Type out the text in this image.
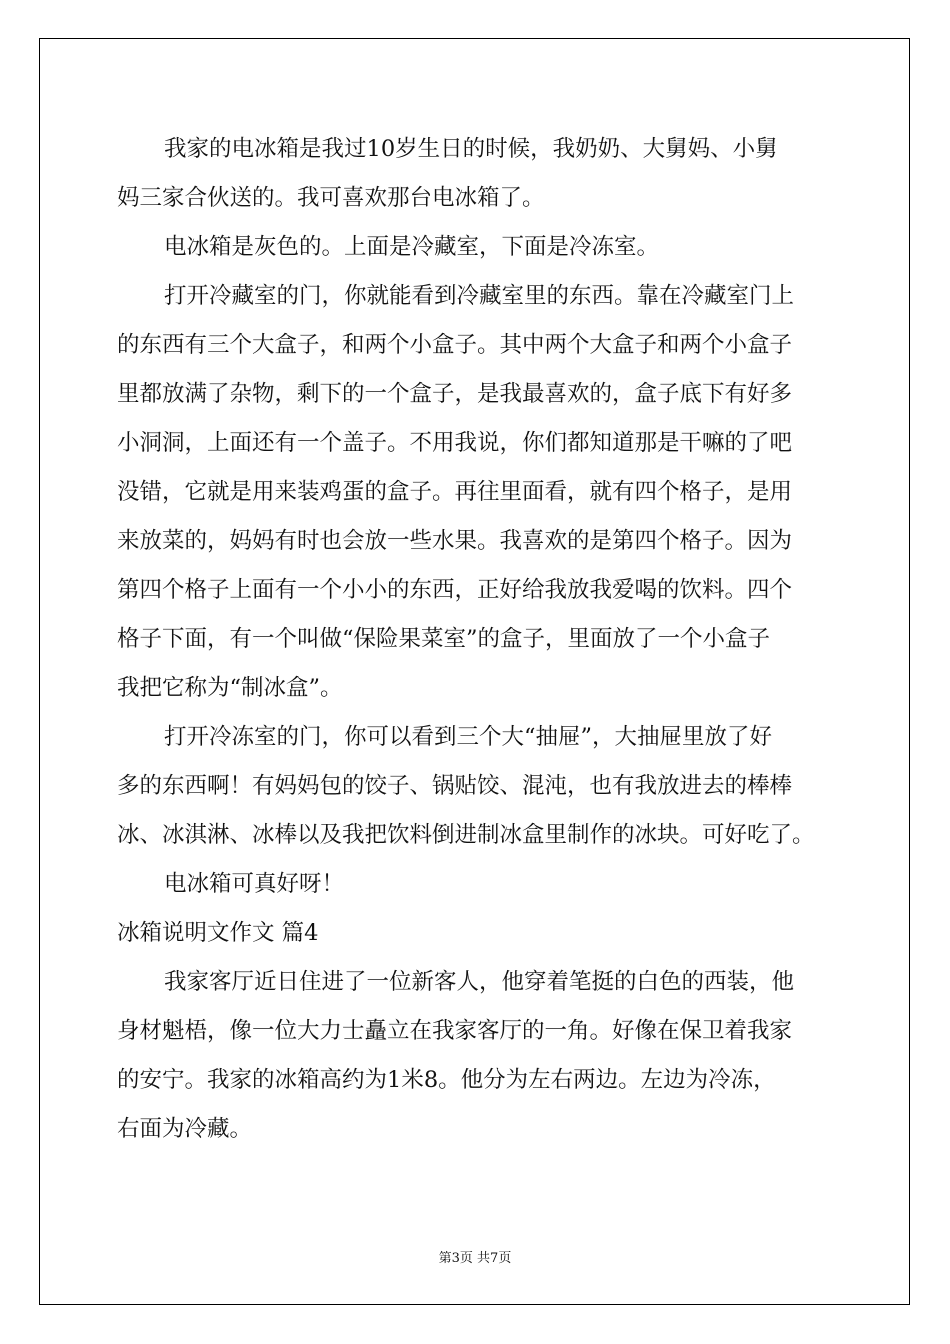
我家的电冰箱是我过10岁生日的时候，我奶奶、大舅妈、小舅
妈三家合伙送的。我可喜欢那台电冰箱了。
电冰箱是灰色的。上面是冷藏室，下面是冷冻室。
打开冷藏室的门，你就能看到冷藏室里的东西。靠在冷藏室门上
的东西有三个大盒子，和两个小盒子。其中两个大盒子和两个小盒子
里都放满了杂物，剩下的一个盒子，是我最喜欢的，盒子底下有好多
小洞洞，上面还有一个盖子。不用我说，你们都知道那是干嘛的了吧
没错，它就是用来装鸡蛋的盒子。再往里面看，就有四个格子，是用
来放菜的，妈妈有时也会放一些水果。我喜欢的是第四个格子。因为
第四个格子上面有一个小小的东西，正好给我放我爱喝的饮料。四个
格子下面，有一个叫做“保险果菜室”的盒子，里面放了一个小盒子
我把它称为“制冰盒”。
打开冷冻室的门，你可以看到三个大“抽屉”，大抽屉里放了好
多的东西啊！有妈妈包的饺子、锅贴饺、混沌，也有我放进去的棒棒
冰、冰淇淋、冰棒以及我把饮料倒进制冰盒里制作的冰块。可好吃了。
电冰箱可真好呀！
冰箱说明文作文 篇4
我家客厅近日住进了一位新客人，他穿着笔挺的白色的西装，他
身材魁梧，像一位大力士矗立在我家客厅的一角。好像在保卫着我家
的安宁。我家的冰箱高约为1米8。他分为左右两边。左边为冷冻，
右面为冷藏。
第3页 共7页
